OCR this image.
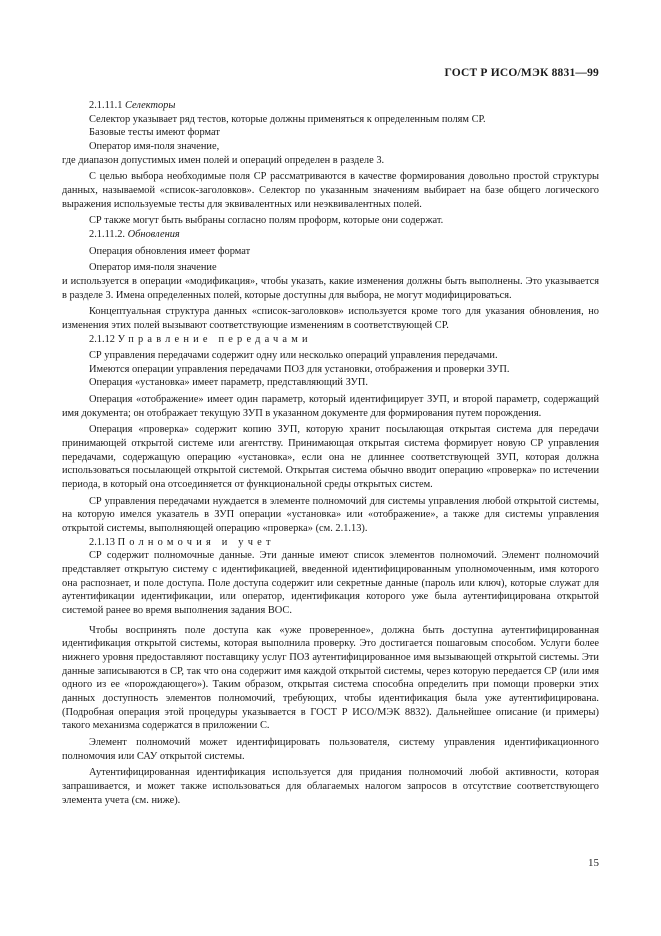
ГОСТ Р ИСО/МЭК 8831—99

2.1.11.1 Селекторы

Селектор указывает ряд тестов, которые должны применяться к определенным полям СР.

Базовые тесты имеют формат

Оператор имя-поля значение,

где диапазон допустимых имен полей и операций определен в разделе 3.

С целью выбора необходимые поля СР рассматриваются в качестве формирования довольно простой структуры данных, называемой «список-заголовков». Селектор по указанным значениям выбирает на базе общего логического выражения используемые тесты для эквивалентных или неэквивалентных полей.

СР также могут быть выбраны согласно полям проформ, которые они содержат.

2.1.11.2. Обновления

Операция обновления имеет формат

Оператор имя-поля значение

и используется в операции «модификация», чтобы указать, какие изменения должны быть выполнены. Это указывается в разделе 3. Имена определенных полей, которые доступны для выбора, не могут модифицироваться.

Концептуальная структура данных «список-заголовков» используется кроме того для указания обновления, но изменения этих полей вызывают соответствующие изменениям в соответствующей СР.

2.1.12 Управление передачами

СР управления передачами содержит одну или несколько операций управления передачами.

Имеются операции управления передачами ПОЗ для установки, отображения и проверки ЗУП.

Операция «установка» имеет параметр, представляющий ЗУП.

Операция «отображение» имеет один параметр, который идентифицирует ЗУП, и второй параметр, содержащий имя документа; он отображает текущую ЗУП в указанном документе для формирования путем порождения.

Операция «проверка» содержит копию ЗУП, которую хранит посылающая открытая система для передачи принимающей открытой системе или агентству. Принимающая открытая система формирует новую СР управления передачами, содержащую операцию «установка», если она не длиннее соответствующей ЗУП, которая должна использоваться посылающей открытой системой. Открытая система обычно вводит операцию «проверка» по истечении периода, в который она отсоединяется от функциональной среды открытых систем.

СР управления передачами нуждается в элементе полномочий для системы управления любой открытой системы, на которую имелся указатель в ЗУП операции «установка» или «отображение», а также для системы управления открытой системы, выполняющей операцию «проверка» (см. 2.1.13).

2.1.13 Полномочия и учет

СР содержит полномочные данные. Эти данные имеют список элементов полномочий. Элемент полномочий представляет открытую систему с идентификацией, введенной идентифицированным уполномоченным, имя которого она распознает, и поле доступа. Поле доступа содержит или секретные данные (пароль или ключ), которые служат для аутентификации идентификации, или оператор, идентификация которого уже была аутентифицирована открытой системой ранее во время выполнения задания ВОС.

Чтобы воспринять поле доступа как «уже проверенное», должна быть доступна аутентифицированная идентификация открытой системы, которая выполнила проверку. Это достигается пошаговым способом. Услуги более нижнего уровня предоставляют поставщику услуг ПОЗ аутентифицированное имя вызывающей открытой системы. Эти данные записываются в СР, так что она содержит имя каждой открытой системы, через которую передается СР (или имя одного из ее «порождающего»). Таким образом, открытая система способна определить при помощи проверки этих данных доступность элементов полномочий, требующих, чтобы идентификация была уже аутентифицирована. (Подробная операция этой процедуры указывается в ГОСТ Р ИСО/МЭК 8832). Дальнейшее описание (и примеры) такого механизма содержатся в приложении С.

Элемент полномочий может идентифицировать пользователя, систему управления идентификационного полномочия или САУ открытой системы.

Аутентифицированная идентификация используется для придания полномочий любой активности, которая запрашивается, и может также использоваться для облагаемых налогом запросов в отсутствие соответствующего элемента учета (см. ниже).

15
